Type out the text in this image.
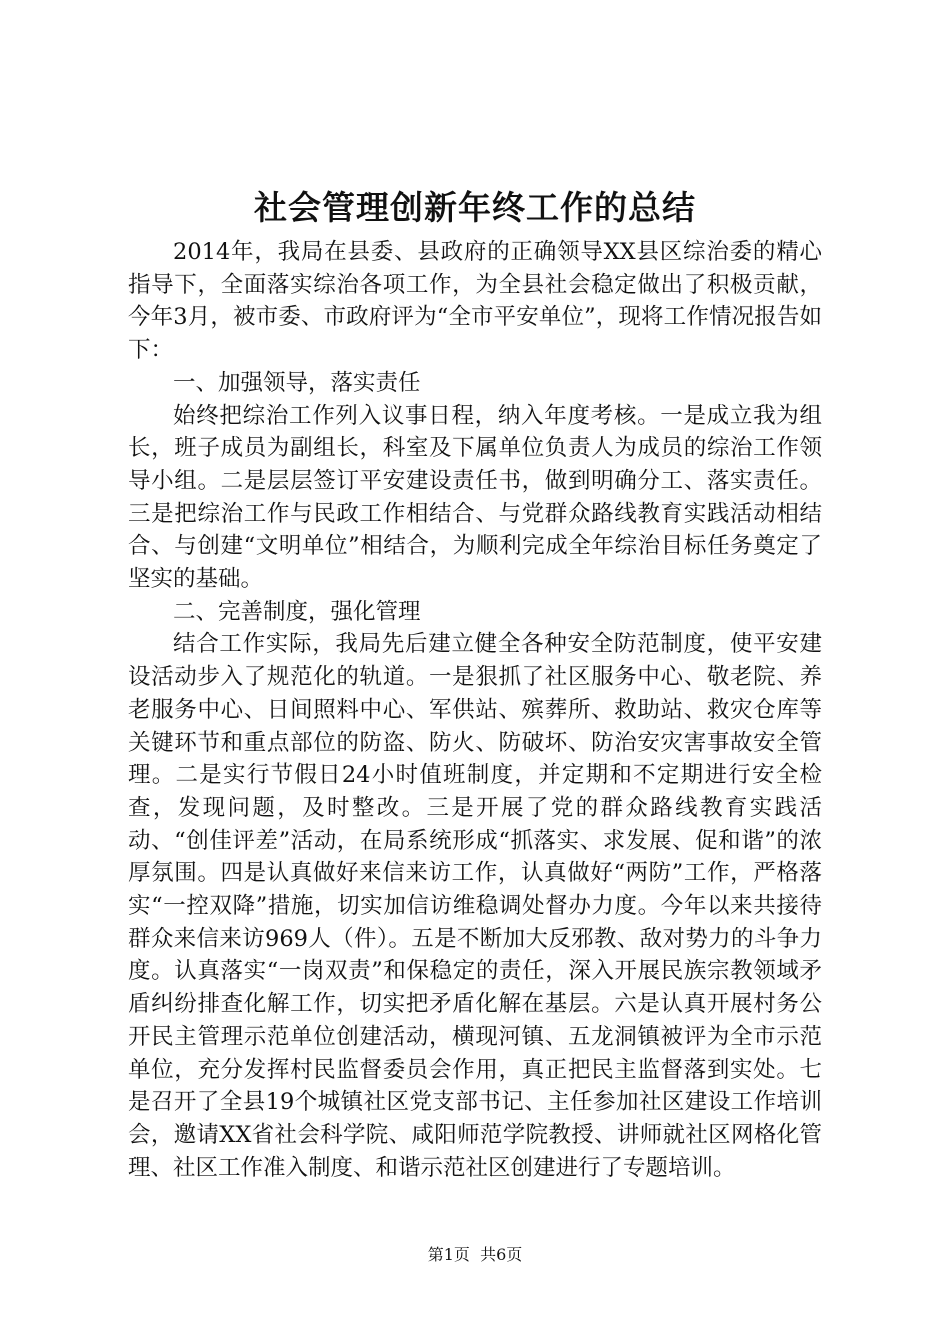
社会管理创新年终工作的总结

2014年，我局在县委、县政府的正确领导XX县区综治委的精心指导下，全面落实综治各项工作，为全县社会稳定做出了积极贡献，今年3月，被市委、市政府评为“全市平安单位”，现将工作情况报告如下：

一、加强领导，落实责任

始终把综治工作列入议事日程，纳入年度考核。一是成立我为组长，班子成员为副组长，科室及下属单位负责人为成员的综治工作领导小组。二是层层签订平安建设责任书，做到明确分工、落实责任。三是把综治工作与民政工作相结合、与党群众路线教育实践活动相结合、与创建“文明单位”相结合，为顺利完成全年综治目标任务奠定了坚实的基础。

二、完善制度，强化管理

结合工作实际，我局先后建立健全各种安全防范制度，使平安建设活动步入了规范化的轨道。一是狠抓了社区服务中心、敬老院、养老服务中心、日间照料中心、军供站、殡葬所、救助站、救灾仓库等关键环节和重点部位的防盗、防火、防破坏、防治安灾害事故安全管理。二是实行节假日24小时值班制度，并定期和不定期进行安全检查，发现问题，及时整改。三是开展了党的群众路线教育实践活动、“创佳评差”活动，在局系统形成“抓落实、求发展、促和谐”的浓厚氛围。四是认真做好来信来访工作，认真做好“两防”工作，严格落实“一控双降”措施，切实加信访维稳调处督办力度。今年以来共接待群众来信来访969人（件）。五是不断加大反邪教、敌对势力的斗争力度。认真落实“一岗双责”和保稳定的责任，深入开展民族宗教领域矛盾纠纷排查化解工作，切实把矛盾化解在基层。六是认真开展村务公开民主管理示范单位创建活动，横现河镇、五龙洞镇被评为全市示范单位，充分发挥村民监督委员会作用，真正把民主监督落到实处。七是召开了全县19个城镇社区党支部书记、主任参加社区建设工作培训会，邀请XX省社会科学院、咸阳师范学院教授、讲师就社区网格化管理、社区工作准入制度、和谐示范社区创建进行了专题培训。

第1页 共6页
